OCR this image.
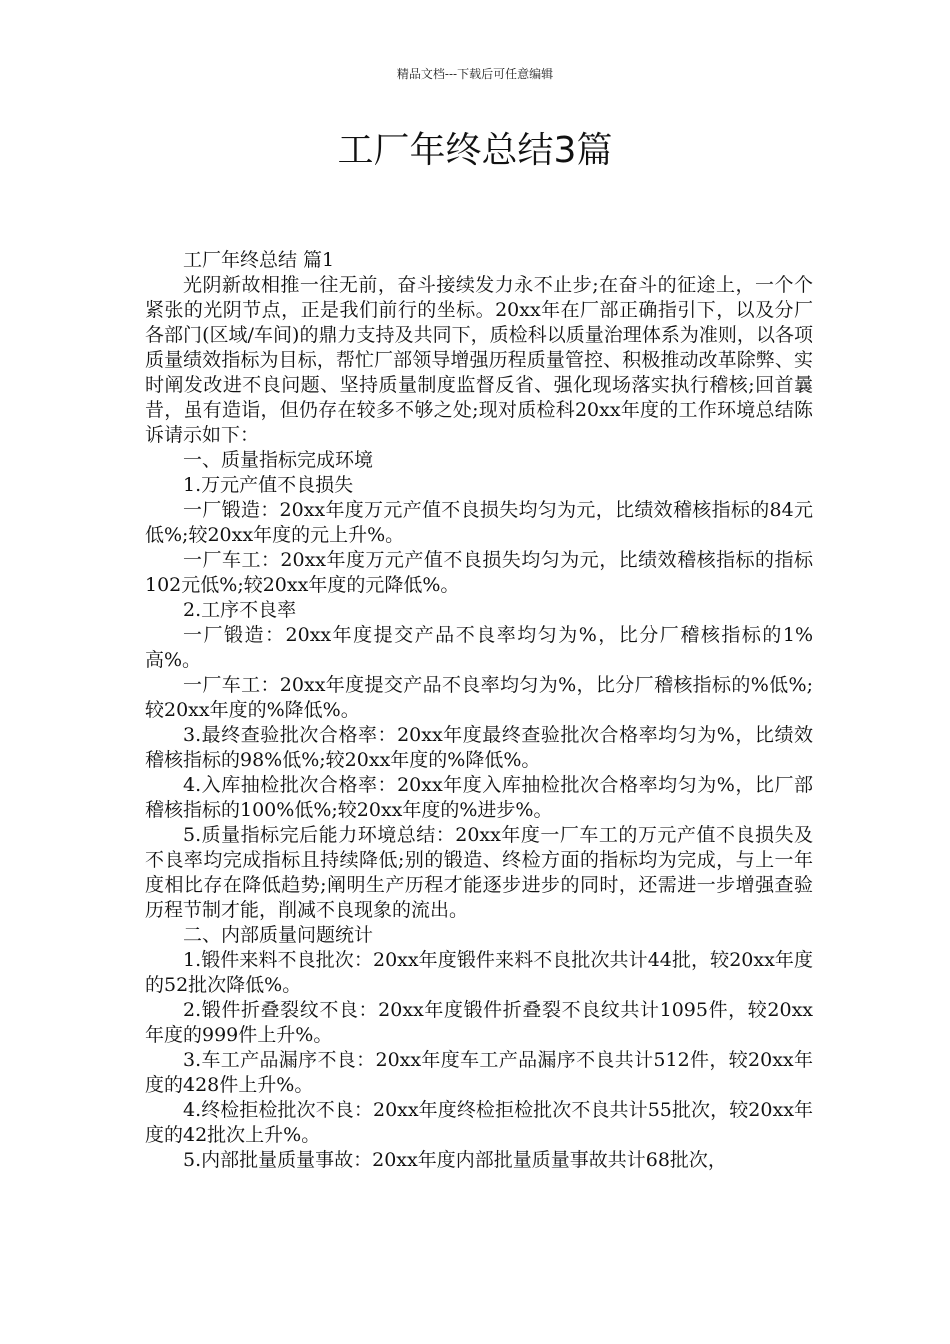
精品文档---下载后可任意编辑
工厂年终总结3篇

工厂年终总结 篇1

光阴新故相推一往无前，奋斗接续发力永不止步;在奋斗的征途上，一个个紧张的光阴节点，正是我们前行的坐标。20xx年在厂部正确指引下，以及分厂各部门(区域/车间)的鼎力支持及共同下，质检科以质量治理体系为准则，以各项质量绩效指标为目标，帮忙厂部领导增强历程质量管控、积极推动改革除弊、实时阐发改进不良问题、坚持质量制度监督反省、强化现场落实执行稽核;回首曩昔，虽有造诣，但仍存在较多不够之处;现对质检科20xx年度的工作环境总结陈诉请示如下：

一、质量指标完成环境

1.万元产值不良损失

一厂锻造：20xx年度万元产值不良损失均匀为元，比绩效稽核指标的84元低%;较20xx年度的元上升%。

一厂车工：20xx年度万元产值不良损失均匀为元，比绩效稽核指标的指标102元低%;较20xx年度的元降低%。

2.工序不良率

一厂锻造：20xx年度提交产品不良率均匀为%，比分厂稽核指标的1%高%。

一厂车工：20xx年度提交产品不良率均匀为%，比分厂稽核指标的%低%;较20xx年度的%降低%。

3.最终查验批次合格率：20xx年度最终查验批次合格率均匀为%，比绩效稽核指标的98%低%;较20xx年度的%降低%。

4.入库抽检批次合格率：20xx年度入库抽检批次合格率均匀为%，比厂部稽核指标的100%低%;较20xx年度的%进步%。

5.质量指标完后能力环境总结：20xx年度一厂车工的万元产值不良损失及不良率均完成指标且持续降低;别的锻造、终检方面的指标均为完成，与上一年度相比存在降低趋势;阐明生产历程才能逐步进步的同时，还需进一步增强查验历程节制才能，削减不良现象的流出。

二、内部质量问题统计

1.锻件来料不良批次：20xx年度锻件来料不良批次共计44批，较20xx年度的52批次降低%。

2.锻件折叠裂纹不良：20xx年度锻件折叠裂不良纹共计1095件，较20xx年度的999件上升%。

3.车工产品漏序不良：20xx年度车工产品漏序不良共计512件，较20xx年度的428件上升%。

4.终检拒检批次不良：20xx年度终检拒检批次不良共计55批次，较20xx年度的42批次上升%。

5.内部批量质量事故：20xx年度内部批量质量事故共计68批次，
